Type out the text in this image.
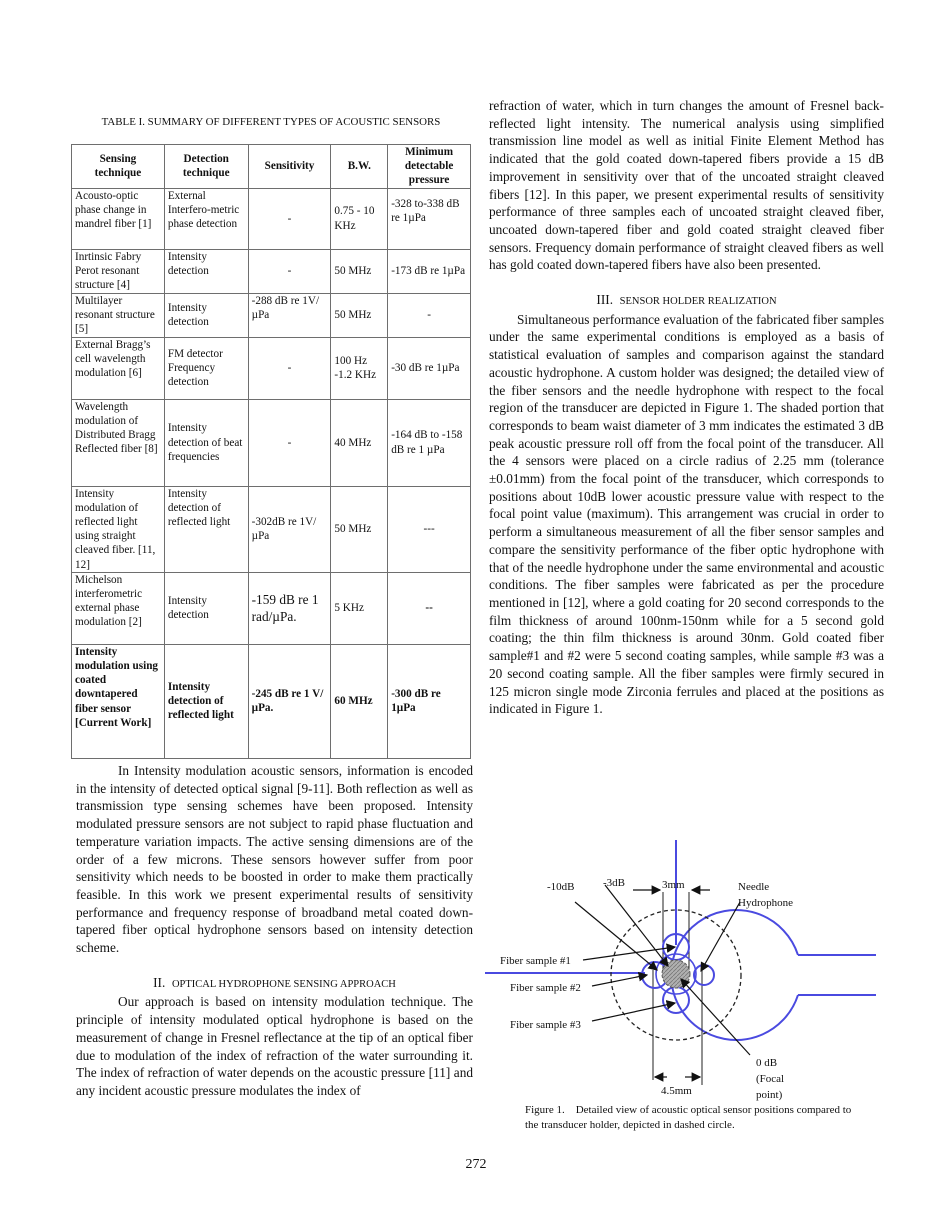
TABLE I. SUMMARY OF DIFFERENT TYPES OF ACOUSTIC SENSORS
Sensing technique	Detection technique	Sensitivity	B.W.	Minimum detectable pressure
Acousto-optic phase change in mandrel fiber [1]	External Interfero-metric phase detection	-	0.75 - 10 KHz	-328 to-338 dB re 1µPa
Inrtinsic Fabry Perot resonant structure [4]	Intensity detection	-	50 MHz	-173 dB re 1µPa
Multilayer resonant structure [5]	Intensity detection	-288 dB re 1V/µPa	50 MHz	-
External Bragg’s cell wavelength modulation [6]	FM detector Frequency detection	-	100 Hz -1.2 KHz	-30 dB re 1µPa
Wavelength modulation of Distributed Bragg Reflected fiber [8]	Intensity detection of beat frequencies	-	40 MHz	-164 dB to -158 dB re 1 µPa
Intensity modulation of reflected light using straight cleaved fiber. [11, 12]	Intensity detection of reflected light	-302dB re 1V/µPa	50 MHz	---
Michelson interferometric external phase modulation [2]	Intensity detection	-159 dB re 1 rad/µPa.	5 KHz	--
Intensity modulation using coated downtapered fiber sensor [Current Work]	Intensity detection of reflected light	-245 dB re 1 V/µPa.	60 MHz	-300 dB re 1µPa

In Intensity modulation acoustic sensors, information is encoded in the intensity of detected optical signal [9-11]. Both reflection as well as transmission type sensing schemes have been proposed. Intensity modulated pressure sensors are not subject to rapid phase fluctuation and temperature variation impacts. The active sensing dimensions are of the order of a few microns. These sensors however suffer from poor sensitivity which needs to be boosted in order to make them practically feasible. In this work we present experimental results of sensitivity performance and frequency response of broadband metal coated down-tapered fiber optical hydrophone sensors based on intensity detection scheme.

II. OPTICAL HYDROPHONE SENSING APPROACH

Our approach is based on intensity modulation technique. The principle of intensity modulated optical hydrophone is based on the measurement of change in Fresnel reflectance at the tip of an optical fiber due to modulation of the index of refraction of the water surrounding it. The index of refraction of water depends on the acoustic pressure [11] and any incident acoustic pressure modulates the index of

refraction of water, which in turn changes the amount of Fresnel back-reflected light intensity. The numerical analysis using simplified transmission line model as well as initial Finite Element Method has indicated that the gold coated down-tapered fibers provide a 15 dB improvement in sensitivity over that of the uncoated straight cleaved fibers [12]. In this paper, we present experimental results of sensitivity performance of three samples each of uncoated straight cleaved fiber, uncoated down-tapered fiber and gold coated straight cleaved fiber sensors. Frequency domain performance of straight cleaved fibers as well has gold coated down-tapered fibers have also been presented.

III. SENSOR HOLDER REALIZATION

Simultaneous performance evaluation of the fabricated fiber samples under the same experimental conditions is employed as a basis of statistical evaluation of samples and comparison against the standard acoustic hydrophone. A custom holder was designed; the detailed view of the fiber sensors and the needle hydrophone with respect to the focal region of the transducer are depicted in Figure 1. The shaded portion that corresponds to beam waist diameter of 3 mm indicates the estimated 3 dB peak acoustic pressure roll off from the focal point of the transducer. All the 4 sensors were placed on a circle radius of 2.25 mm (tolerance ±0.01mm) from the focal point of the transducer, which corresponds to positions about 10dB lower acoustic pressure value with respect to the focal point value (maximum). This arrangement was crucial in order to perform a simultaneous measurement of all the fiber sensor samples and compare the sensitivity performance of the fiber optic hydrophone with that of the needle hydrophone under the same environmental and acoustic conditions. The fiber samples were fabricated as per the procedure mentioned in [12], where a gold coating for 20 second corresponds to the film thickness of around 100nm-150nm while for a 5 second gold coating; the thin film thickness is around 30nm. Gold coated fiber sample#1 and #2 were 5 second coating samples, while sample #3 was a 20 second coating sample. All the fiber samples were firmly secured in 125 micron single mode Zirconia ferrules and placed at the positions as indicated in Figure 1.

-10dB	-3dB	3mm	Needle
Hydrophone
Fiber sample #1
Fiber sample #2
Fiber sample #3
0 dB
(Focal
point)
4.5mm
Figure 1. Detailed view of acoustic optical sensor positions compared to the transducer holder, depicted in dashed circle.
272
